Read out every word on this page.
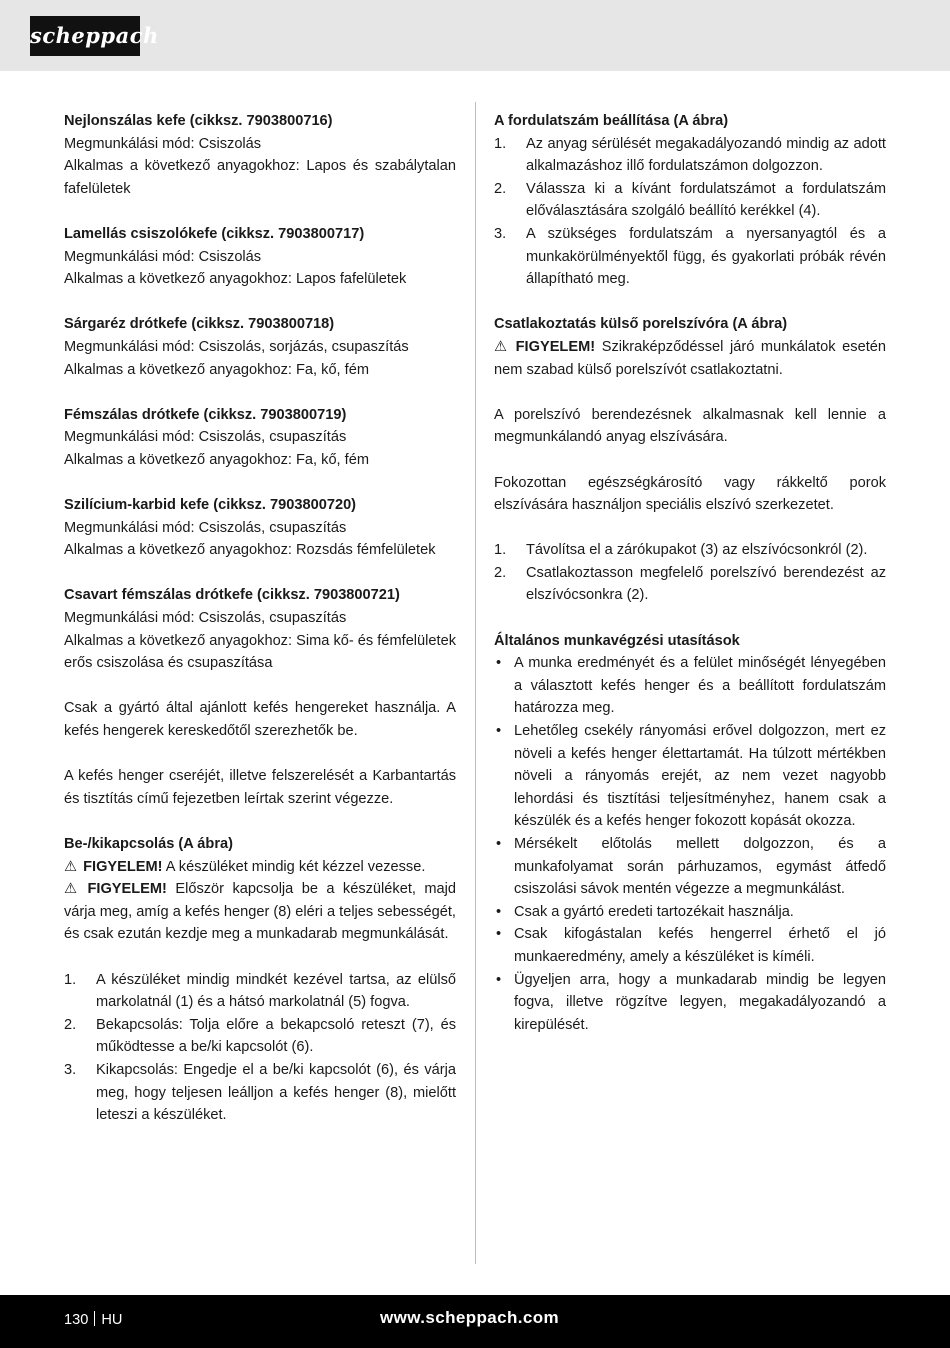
scheppach
Nejlonszálas kefe (cikksz. 7903800716)
Megmunkálási mód: Csiszolás
Alkalmas a következő anyagokhoz: Lapos és szabálytalan fafelületek
Lamellás csiszolókefe (cikksz. 7903800717)
Megmunkálási mód: Csiszolás
Alkalmas a következő anyagokhoz: Lapos fafelületek
Sárgaréz drótkefe (cikksz. 7903800718)
Megmunkálási mód: Csiszolás, sorjázás, csupaszítás
Alkalmas a következő anyagokhoz: Fa, kő, fém
Fémszálas drótkefe (cikksz. 7903800719)
Megmunkálási mód: Csiszolás, csupaszítás
Alkalmas a következő anyagokhoz: Fa, kő, fém
Szilícium-karbid kefe (cikksz. 7903800720)
Megmunkálási mód: Csiszolás, csupaszítás
Alkalmas a következő anyagokhoz: Rozsdás fémfelületek
Csavart fémszálas drótkefe (cikksz. 7903800721)
Megmunkálási mód: Csiszolás, csupaszítás
Alkalmas a következő anyagokhoz: Sima kő- és fémfelületek erős csiszolása és csupaszítása

Csak a gyártó által ajánlott kefés hengereket használja. A kefés hengerek kereskedőtől szerezhetők be.

A kefés henger cseréjét, illetve felszerelését a Karbantartás és tisztítás című fejezetben leírtak szerint végezze.

Be-/kikapcsolás (A ábra)
⚠ FIGYELEM! A készüléket mindig két kézzel vezesse.
⚠ FIGYELEM! Először kapcsolja be a készüléket, majd várja meg, amíg a kefés henger (8) eléri a teljes sebességét, és csak ezután kezdje meg a munkadarab megmunkálását.
1. A készüléket mindig mindkét kezével tartsa, az elülső markolatnál (1) és a hátsó markolatnál (5) fogva.
2. Bekapcsolás: Tolja előre a bekapcsoló reteszt (7), és működtesse a be/ki kapcsolót (6).
3. Kikapcsolás: Engedje el a be/ki kapcsolót (6), és várja meg, hogy teljesen leálljon a kefés henger (8), mielőtt leteszi a készüléket.
A fordulatszám beállítása (A ábra)
1. Az anyag sérülését megakadályozandó mindig az adott alkalmazáshoz illő fordulatszámon dolgozzon.
2. Válassza ki a kívánt fordulatszámot a fordulatszám előválasztására szolgáló beállító kerékkel (4).
3. A szükséges fordulatszám a nyersanyagtól és a munkakörülményektől függ, és gyakorlati próbák révén állapítható meg.
Csatlakoztatás külső porelszívóra (A ábra)
⚠ FIGYELEM! Szikraképződéssel járó munkálatok esetén nem szabad külső porelszívót csatlakoztatni.

A porelszívó berendezésnek alkalmasnak kell lennie a megmunkálandó anyag elszívására.

Fokozottan egészségkárosító vagy rákkeltő porok elszívására használjon speciális elszívó szerkezetet.

1. Távolítsa el a zárókupakot (3) az elszívócsonkról (2).
2. Csatlakoztasson megfelelő porelszívó berendezést az elszívócsonkra (2).
Általános munkavégzési utasítások
• A munka eredményét és a felület minőségét lényegében a választott kefés henger és a beállított fordulatszám határozza meg.
• Lehetőleg csekély rányomási erővel dolgozzon, mert ez növeli a kefés henger élettartamát. Ha túlzott mértékben növeli a rányomás erejét, az nem vezet nagyobb lehordási és tisztítási teljesítményhez, hanem csak a készülék és a kefés henger fokozott kopását okozza.
• Mérsékelt előtolás mellett dolgozzon, és a munkafolyamat során párhuzamos, egymást átfedő csiszolási sávok mentén végezze a megmunkálást.
• Csak a gyártó eredeti tartozékait használja.
• Csak kifogástalan kefés hengerrel érhető el jó munkaeredmény, amely a készüléket is kíméli.
• Ügyeljen arra, hogy a munkadarab mindig be legyen fogva, illetve rögzítve legyen, megakadályozandó a kirepülését.
130 HU	www.scheppach.com
